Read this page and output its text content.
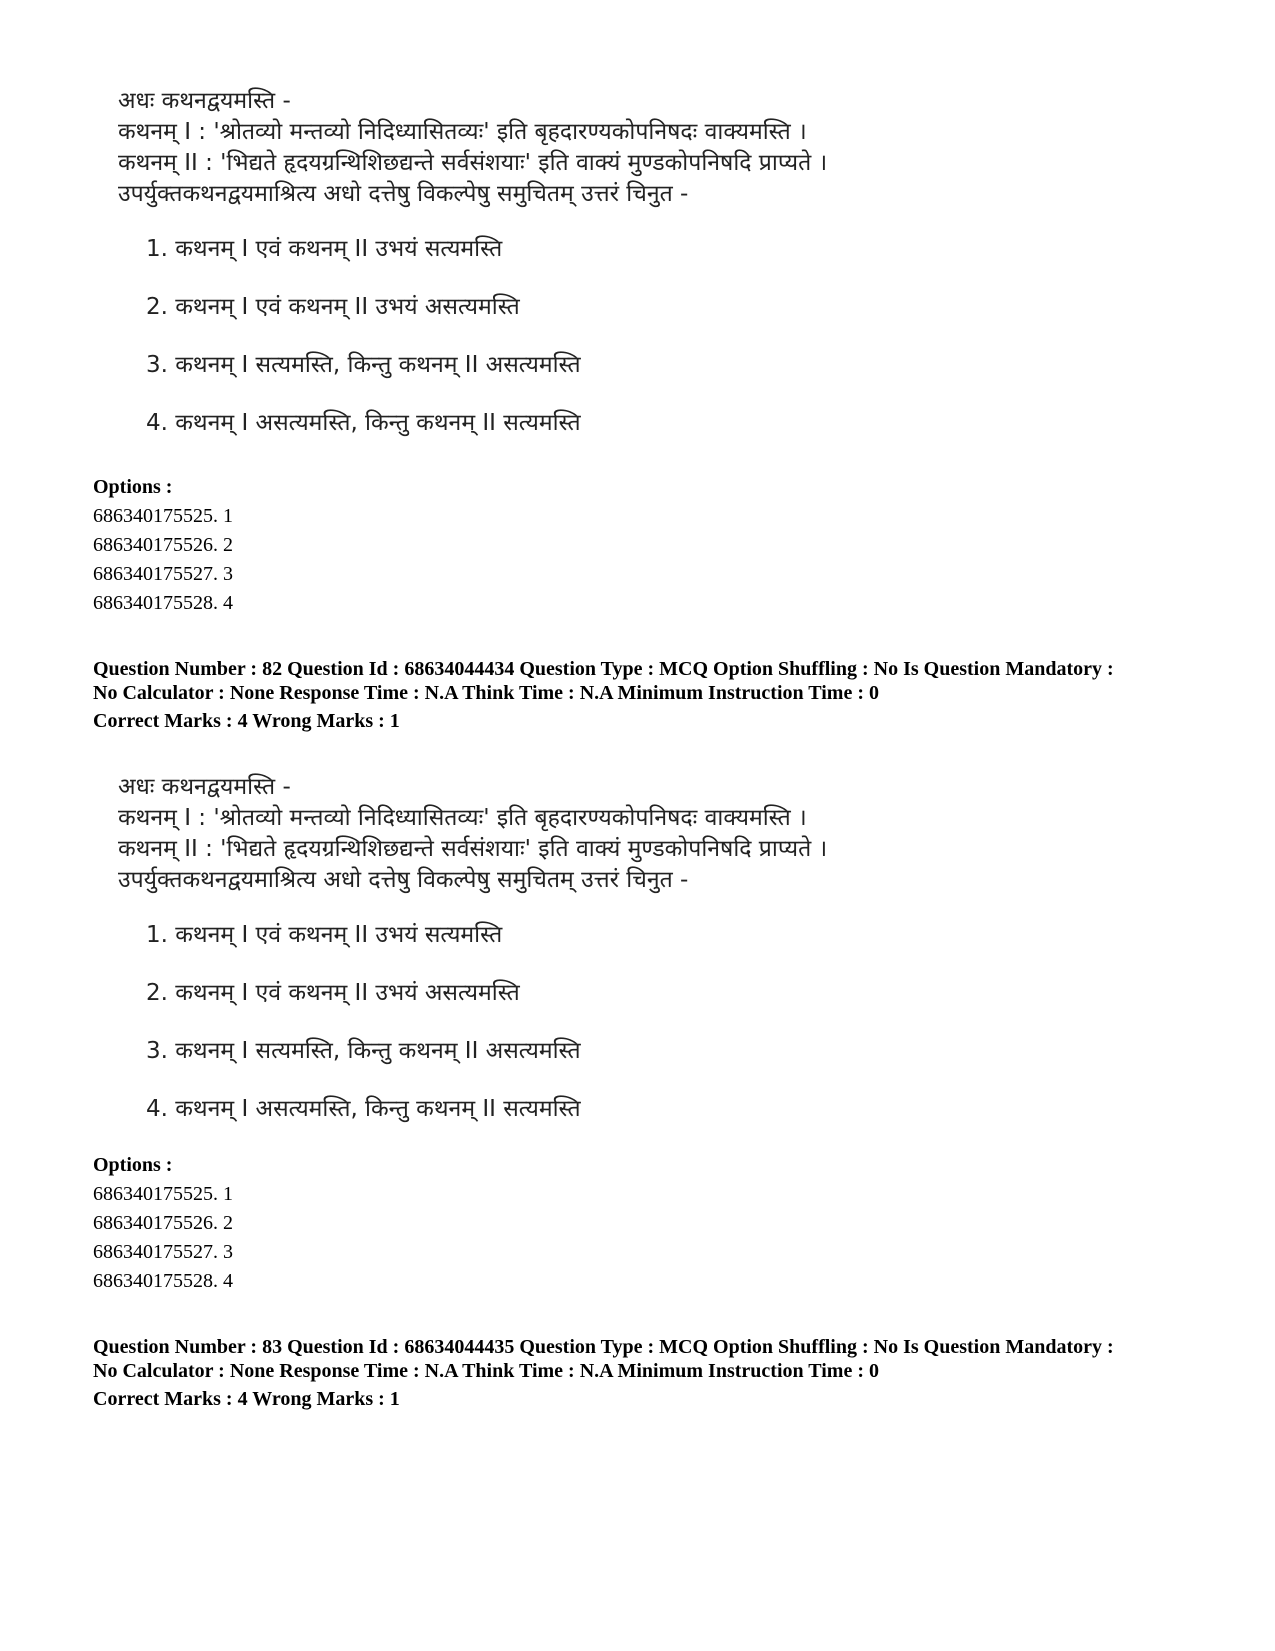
अधः कथनद्वयमस्ति -
कथनम् I : 'श्रोतव्यो मन्तव्यो निदिध्यासितव्यः' इति बृहदारण्यकोपनिषदः वाक्यमस्ति ।
कथनम् II : 'भिद्यते हृदयग्रन्थिशिछद्यन्ते सर्वसंशयाः' इति वाक्यं मुण्डकोपनिषदि प्राप्यते ।
उपर्युक्तकथनद्वयमाश्रित्य अधो दत्तेषु विकल्पेषु समुचितम् उत्तरं चिनुत -
1. कथनम् I एवं कथनम् II उभयं सत्यमस्ति
2. कथनम् I एवं कथनम् II उभयं असत्यमस्ति
3. कथनम् I सत्यमस्ति, किन्तु कथनम् II असत्यमस्ति
4. कथनम् I असत्यमस्ति, किन्तु कथनम् II सत्यमस्ति
Options :
686340175525. 1
686340175526. 2
686340175527. 3
686340175528. 4
Question Number : 82 Question Id : 68634044434 Question Type : MCQ Option Shuffling : No Is Question Mandatory :
No Calculator : None Response Time : N.A Think Time : N.A Minimum Instruction Time : 0
Correct Marks : 4 Wrong Marks : 1
अधः कथनद्वयमस्ति -
कथनम् I : 'श्रोतव्यो मन्तव्यो निदिध्यासितव्यः' इति बृहदारण्यकोपनिषदः वाक्यमस्ति ।
कथनम् II : 'भिद्यते हृदयग्रन्थिशिछद्यन्ते सर्वसंशयाः' इति वाक्यं मुण्डकोपनिषदि प्राप्यते ।
उपर्युक्तकथनद्वयमाश्रित्य अधो दत्तेषु विकल्पेषु समुचितम् उत्तरं चिनुत -
1. कथनम् I एवं कथनम् II उभयं सत्यमस्ति
2. कथनम् I एवं कथनम् II उभयं असत्यमस्ति
3. कथनम् I सत्यमस्ति, किन्तु कथनम् II असत्यमस्ति
4. कथनम् I असत्यमस्ति, किन्तु कथनम् II सत्यमस्ति
Options :
686340175525. 1
686340175526. 2
686340175527. 3
686340175528. 4
Question Number : 83 Question Id : 68634044435 Question Type : MCQ Option Shuffling : No Is Question Mandatory :
No Calculator : None Response Time : N.A Think Time : N.A Minimum Instruction Time : 0
Correct Marks : 4 Wrong Marks : 1
